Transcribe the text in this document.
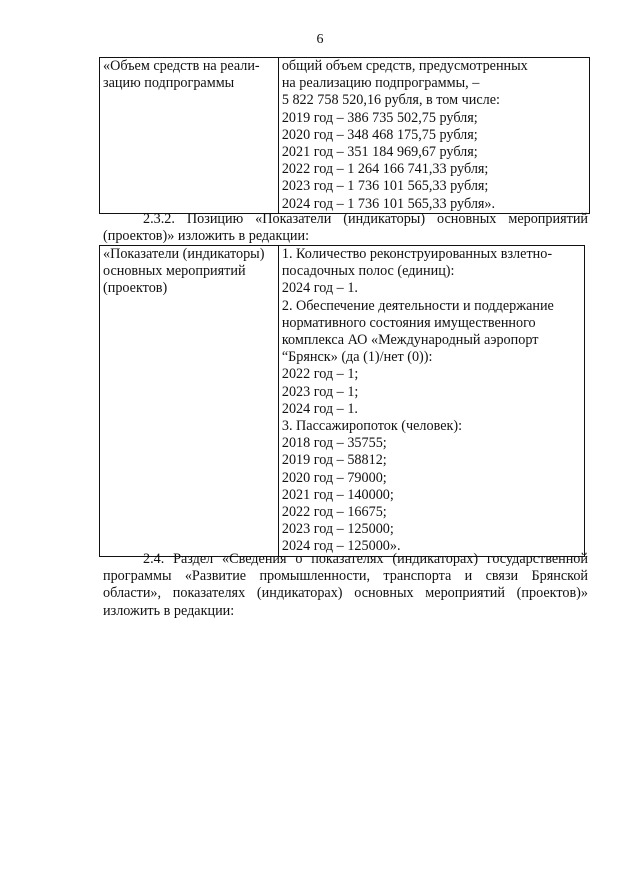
6
«Объем средств на реали-
зацию подпрограммы

общий объем средств, предусмотренных
на реализацию подпрограммы, –
5 822 758 520,16 рубля, в том числе:
2019 год – 386 735 502,75 рубля;
2020 год – 348 468 175,75 рубля;
2021 год – 351 184 969,67 рубля;
2022 год – 1 264 166 741,33 рубля;
2023 год – 1 736 101 565,33 рубля;
2024 год – 1 736 101 565,33 рубля».
2.3.2. Позицию «Показатели (индикаторы) основных мероприятий
(проектов)» изложить в редакции:
«Показатели (индикаторы)
основных мероприятий
(проектов)

1. Количество реконструированных взлетно-
посадочных полос (единиц):
2024 год – 1.
2. Обеспечение деятельности и поддержание
нормативного состояния имущественного
комплекса АО «Международный аэропорт
“Брянск» (да (1)/нет (0)):
2022 год – 1;
2023 год – 1;
2024 год – 1.
3. Пассажиропоток (человек):
2018 год – 35755;
2019 год – 58812;
2020 год – 79000;
2021 год – 140000;
2022 год – 16675;
2023 год – 125000;
2024 год – 125000».
2.4. Раздел «Сведения о показателях (индикаторах) государственной
программы «Развитие промышленности, транспорта и связи Брянской
области», показателях (индикаторах) основных мероприятий (проектов)»
изложить в редакции:
